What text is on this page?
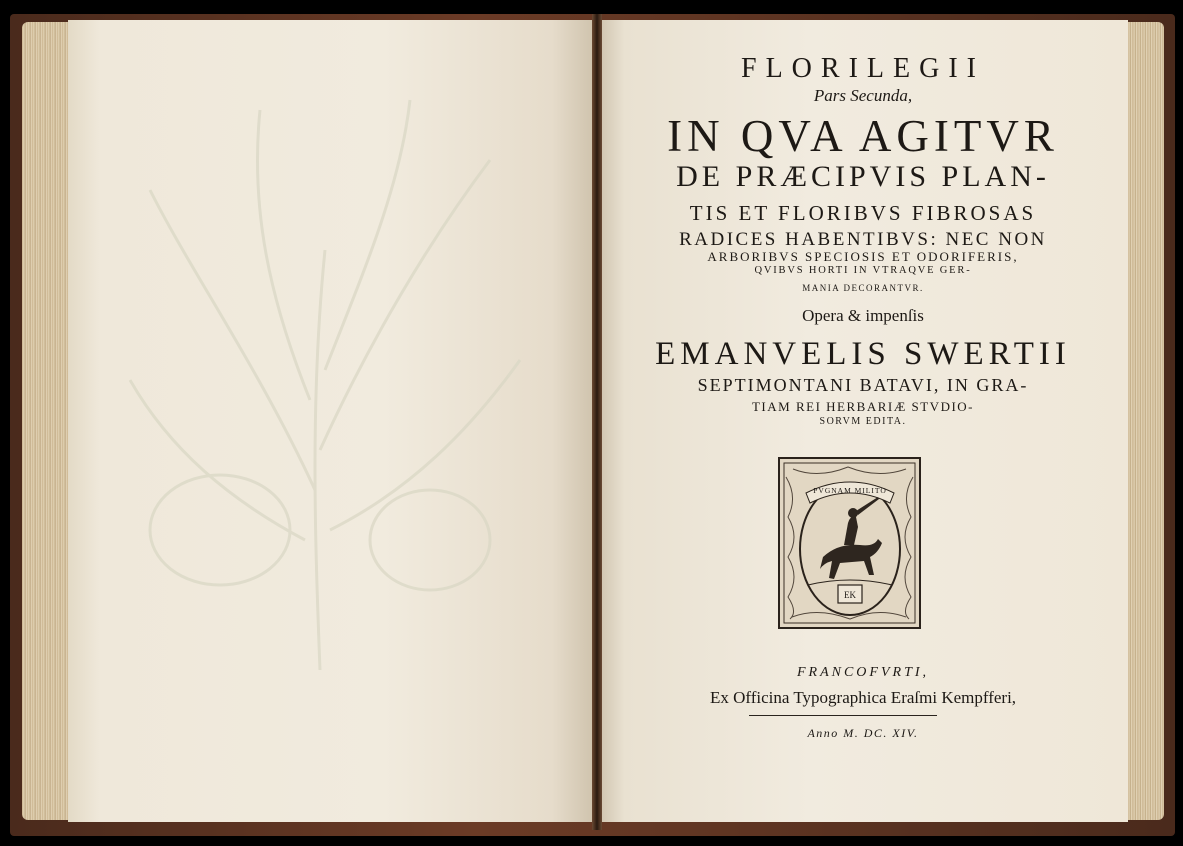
FLORILEGII
Pars Secunda,
IN QVA AGITVR
DE PRÆCIPVIS PLAN-
TIS ET FLORIBVS FIBROSAS
RADICES HABENTIBVS: NEC NON
ARBORIBVS SPECIOSIS ET ODORIFERIS,
QVIBVS HORTI IN VTRAQVE GER-
MANIA DECORANTVR.
Opera & impenſis
EMANVELIS SWERTII
SEPTIMONTANI BATAVI, IN GRA-
TIAM REI HERBARIÆ STVDIO-
SORVM EDITA.
FRANCOFVRTI,
Ex Officina Typographica Eraſmi Kempfferi,
Anno M. DC. XIV.
PVGNAM MILITO
EK
